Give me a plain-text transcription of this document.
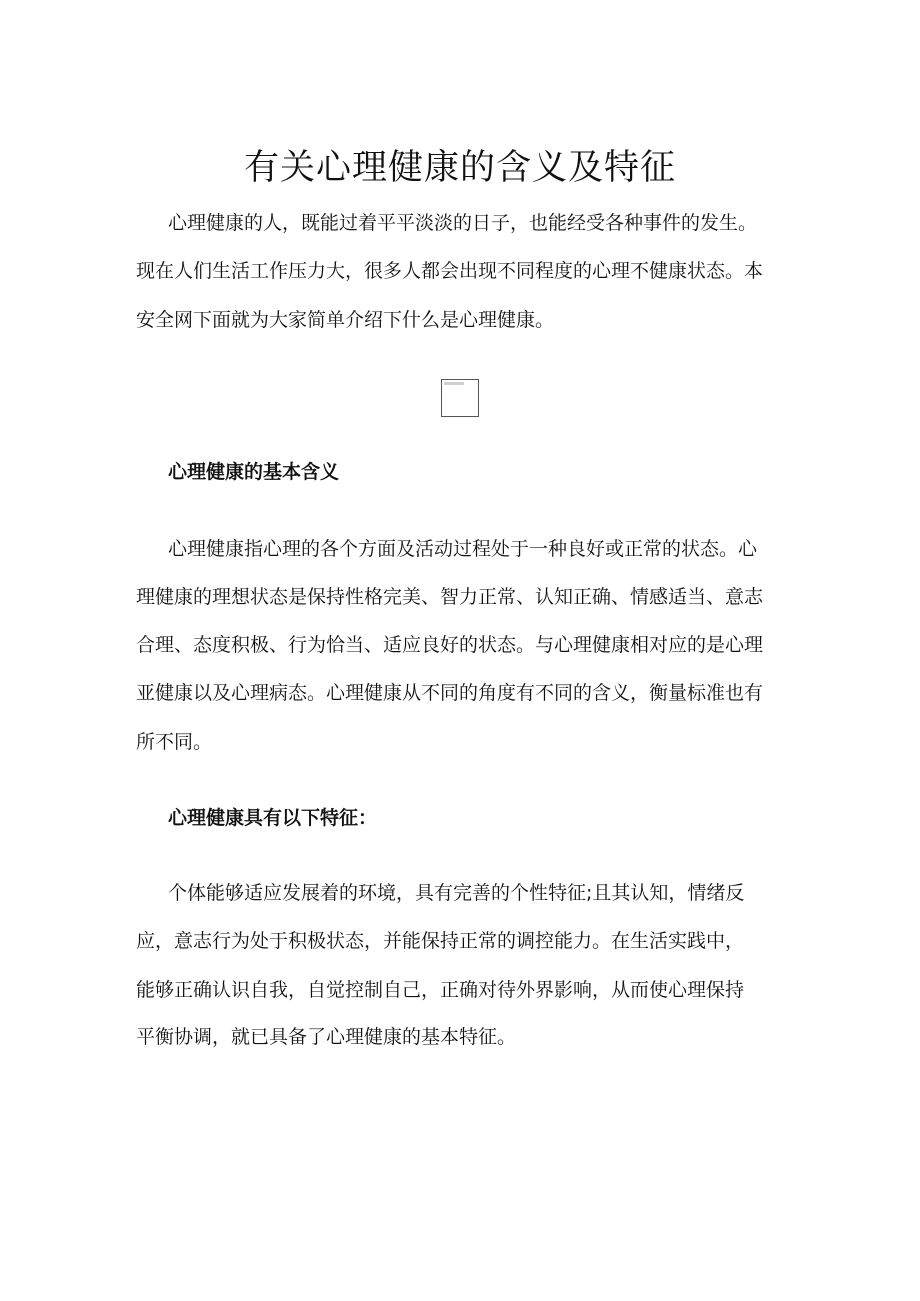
有关心理健康的含义及特征

心理健康的人，既能过着平平淡淡的日子，也能经受各种事件的发生。

现在人们生活工作压力大，很多人都会出现不同程度的心理不健康状态。本

安全网下面就为大家简单介绍下什么是心理健康。

心理健康的基本含义

心理健康指心理的各个方面及活动过程处于一种良好或正常的状态。心

理健康的理想状态是保持性格完美、智力正常、认知正确、情感适当、意志

合理、态度积极、行为恰当、适应良好的状态。与心理健康相对应的是心理

亚健康以及心理病态。心理健康从不同的角度有不同的含义，衡量标准也有

所不同。

心理健康具有以下特征：

个体能够适应发展着的环境，具有完善的个性特征;且其认知，情绪反

应，意志行为处于积极状态，并能保持正常的调控能力。在生活实践中，

能够正确认识自我，自觉控制自己，正确对待外界影响，从而使心理保持

平衡协调，就已具备了心理健康的基本特征。
